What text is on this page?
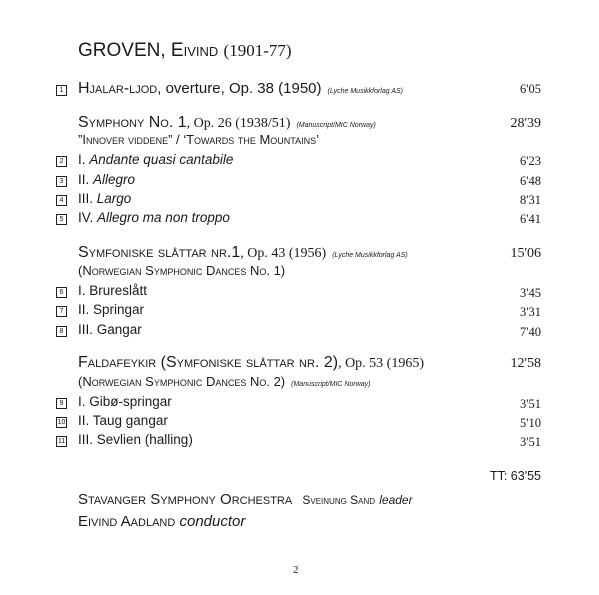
GROVEN, Eivind (1901-77)
1 Hjalar-ljod, overture, Op. 38 (1950) (Lyche Musikkforlag AS)	6'05
Symphony No. 1, Op. 26 (1938/51) (Manuscript/MIC Norway)	28'39
”Innover viddene” / ‘Towards the Mountains’
2 I. Andante quasi cantabile	6'23
3 II. Allegro	6'48
4 III. Largo	8'31
5 IV. Allegro ma non troppo	6'41
Symfoniske slåttar nr.1, Op. 43 (1956) (Lyche Musikkforlag AS)	15'06
(Norwegian Symphonic Dances No. 1)
6 I. Brureslått	3'45
7 II. Springar	3'31
8 III. Gangar	7'40
Faldafeykir (Symfoniske slåttar nr. 2), Op. 53 (1965)	12'58
(Norwegian Symphonic Dances No. 2) (Manuscript/MIC Norway)
9 I. Gibø-springar	3'51
10 II. Taug gangar	5'10
11 III. Sevlien (halling)	3'51
TT: 63'55
Stavanger Symphony Orchestra Sveinung Sand leader
Eivind Aadland conductor
2
